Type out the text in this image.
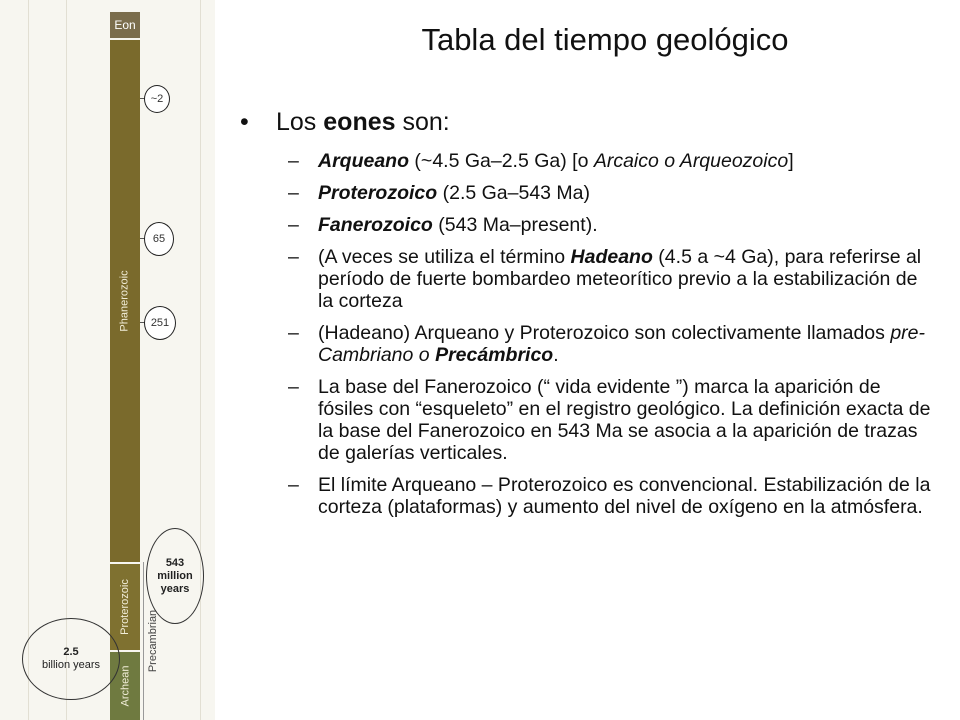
Eon
Phanerozoic
Proterozoic
Archean
Precambrian
~2
65
251
543
million
years
2.5
billion years
Tabla del tiempo geológico
• Los eones son:
– Arqueano (~4.5 Ga–2.5 Ga) [o Arcaico o Arqueozoico]
– Proterozoico (2.5 Ga–543 Ma)
– Fanerozoico (543 Ma–present).
– (A veces se utiliza el término Hadeano (4.5 a ~4 Ga), para referirse al período de fuerte bombardeo meteorítico previo a la estabilización de la corteza
– (Hadeano) Arqueano y Proterozoico son colectivamente llamados pre-Cambriano o Precámbrico.
– La base del Fanerozoico (“ vida evidente ”) marca la aparición de fósiles con “esqueleto” en el registro geológico. La definición exacta de la base del Fanerozoico en 543 Ma se asocia a la aparición de trazas de galerías verticales.
– El límite Arqueano – Proterozoico es convencional. Estabilización de la corteza (plataformas) y aumento del nivel de oxígeno en la atmósfera.
